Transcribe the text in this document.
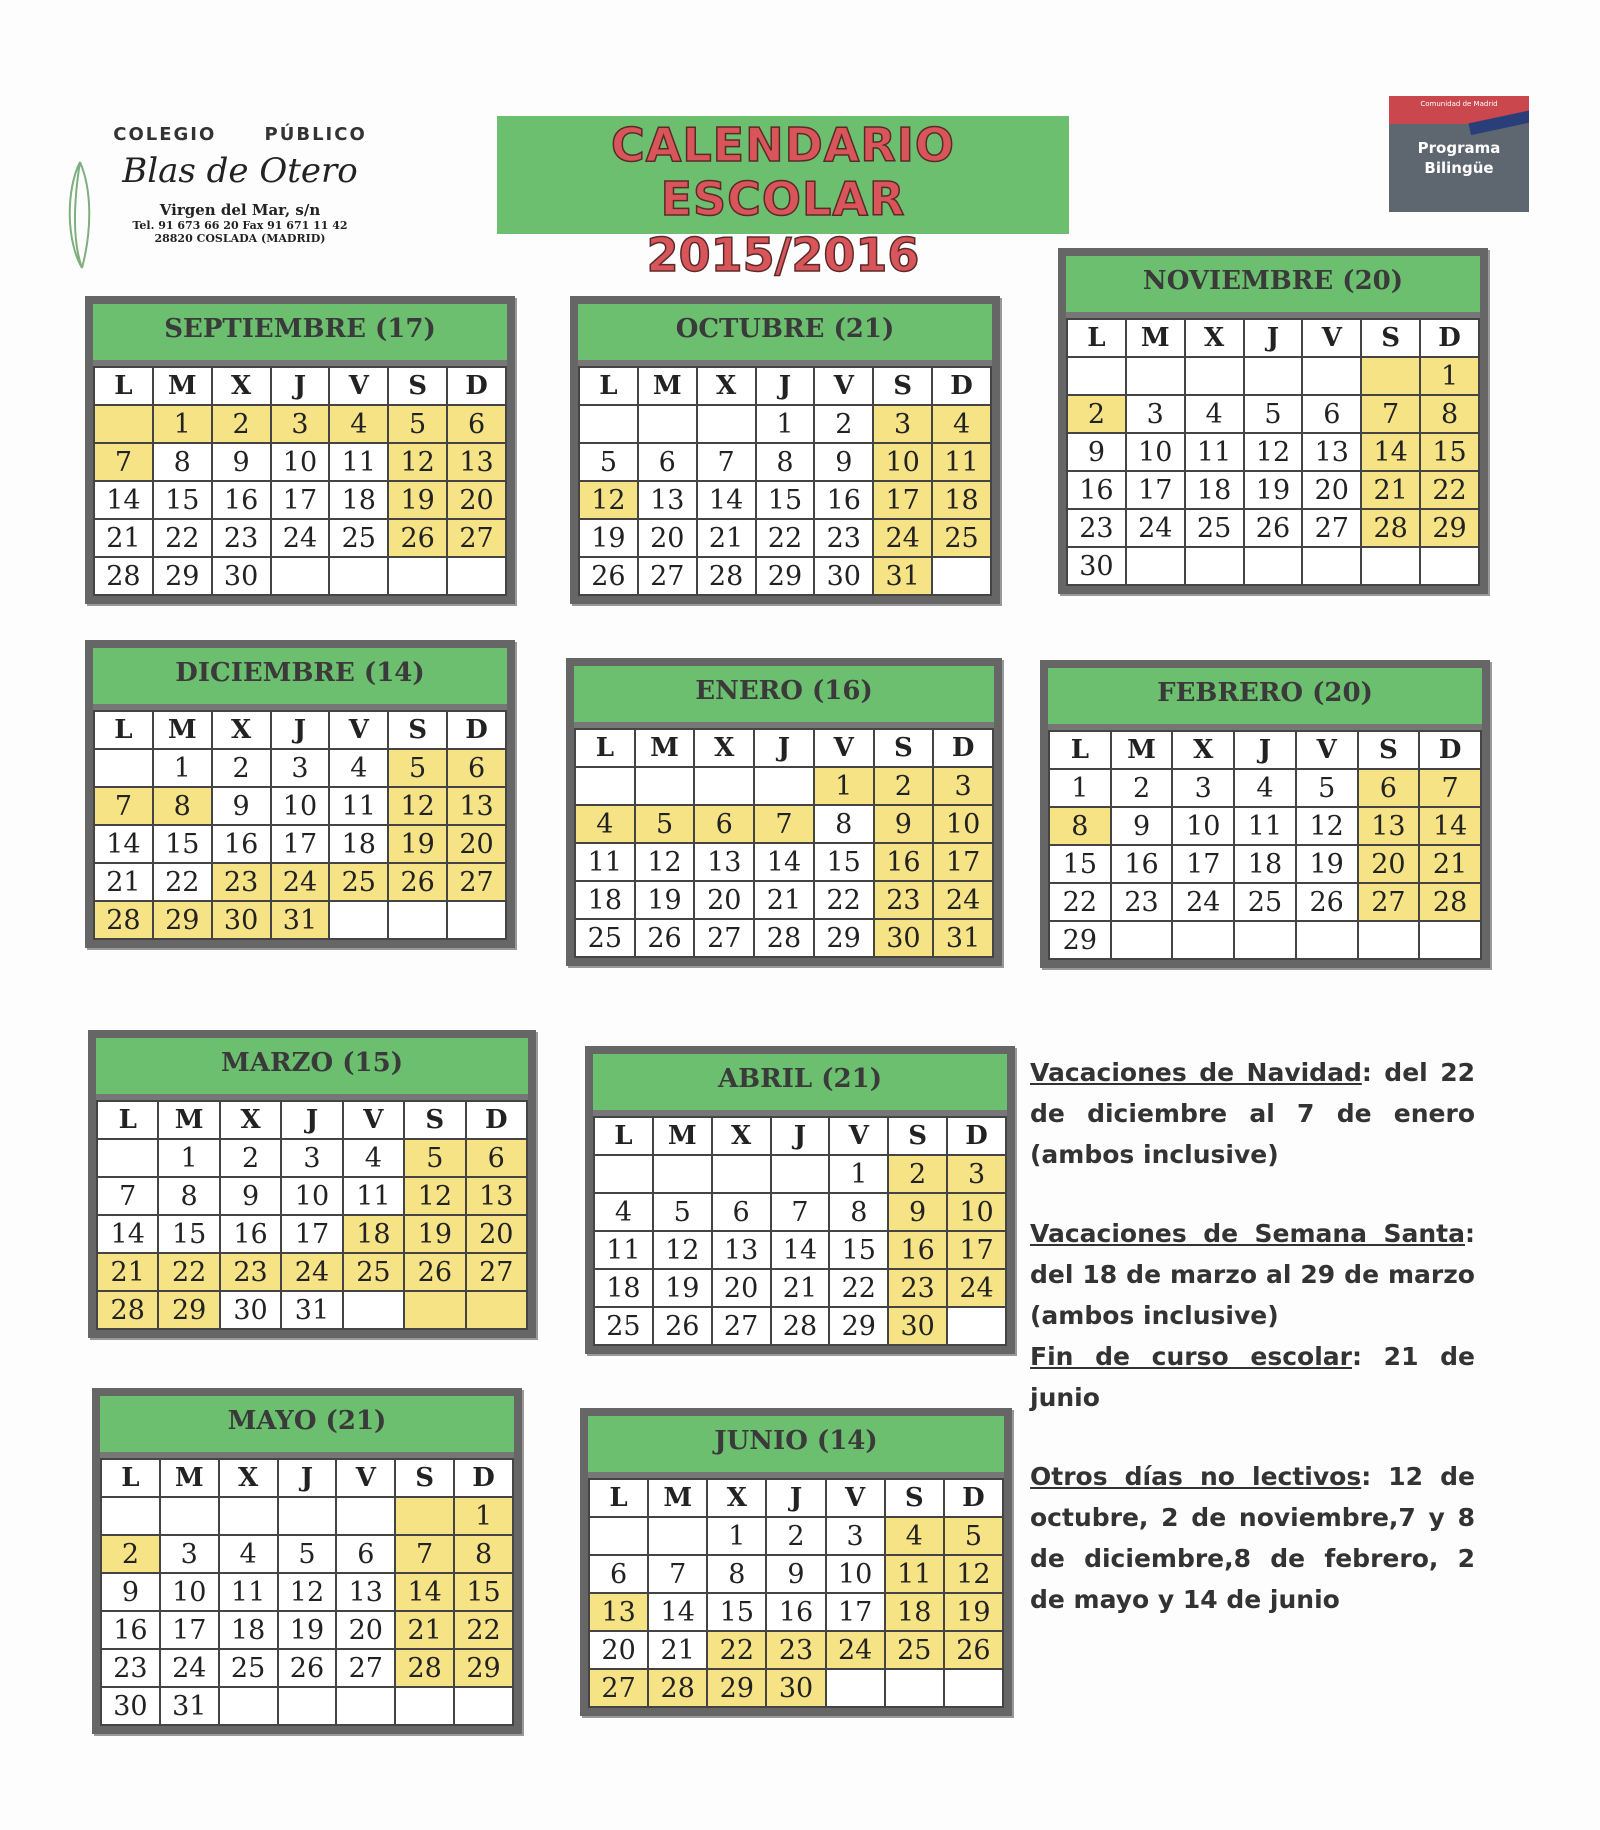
COLEGIO PÚBLICO
Blas de Otero
Virgen del Mar, s/n
Tel. 91 673 66 20 Fax 91 671 11 42
28820 COSLADA (MADRID)
CALENDARIO ESCOLAR
2015/2016
Comunidad de Madrid
Programa
Bilingüe
SEPTIEMBRE (17)
L	M	X	J	V	S	D
	1	2	3	4	5	6
7	8	9	10	11	12	13
14	15	16	17	18	19	20
21	22	23	24	25	26	27
28	29	30				
OCTUBRE (21)
L	M	X	J	V	S	D
			1	2	3	4
5	6	7	8	9	10	11
12	13	14	15	16	17	18
19	20	21	22	23	24	25
26	27	28	29	30	31	
NOVIEMBRE (20)
L	M	X	J	V	S	D
						1
2	3	4	5	6	7	8
9	10	11	12	13	14	15
16	17	18	19	20	21	22
23	24	25	26	27	28	29
30						
DICIEMBRE (14)
L	M	X	J	V	S	D
	1	2	3	4	5	6
7	8	9	10	11	12	13
14	15	16	17	18	19	20
21	22	23	24	25	26	27
28	29	30	31			
ENERO (16)
L	M	X	J	V	S	D
				1	2	3
4	5	6	7	8	9	10
11	12	13	14	15	16	17
18	19	20	21	22	23	24
25	26	27	28	29	30	31
FEBRERO (20)
L	M	X	J	V	S	D
1	2	3	4	5	6	7
8	9	10	11	12	13	14
15	16	17	18	19	20	21
22	23	24	25	26	27	28
29						
MARZO (15)
L	M	X	J	V	S	D
	1	2	3	4	5	6
7	8	9	10	11	12	13
14	15	16	17	18	19	20
21	22	23	24	25	26	27
28	29	30	31			
ABRIL (21)
L	M	X	J	V	S	D
				1	2	3
4	5	6	7	8	9	10
11	12	13	14	15	16	17
18	19	20	21	22	23	24
25	26	27	28	29	30	
MAYO (21)
L	M	X	J	V	S	D
						1
2	3	4	5	6	7	8
9	10	11	12	13	14	15
16	17	18	19	20	21	22
23	24	25	26	27	28	29
30	31					
JUNIO (14)
L	M	X	J	V	S	D
		1	2	3	4	5
6	7	8	9	10	11	12
13	14	15	16	17	18	19
20	21	22	23	24	25	26
27	28	29	30			

Vacaciones de Navidad: del 22 de diciembre al 7 de enero (ambos inclusive)

Vacaciones de Semana Santa: del 18 de marzo al 29 de marzo (ambos inclusive)

Fin de curso escolar: 21 de junio

Otros días no lectivos: 12 de octubre, 2 de noviembre,7 y 8 de diciembre,8 de febrero, 2 de mayo y 14 de junio
